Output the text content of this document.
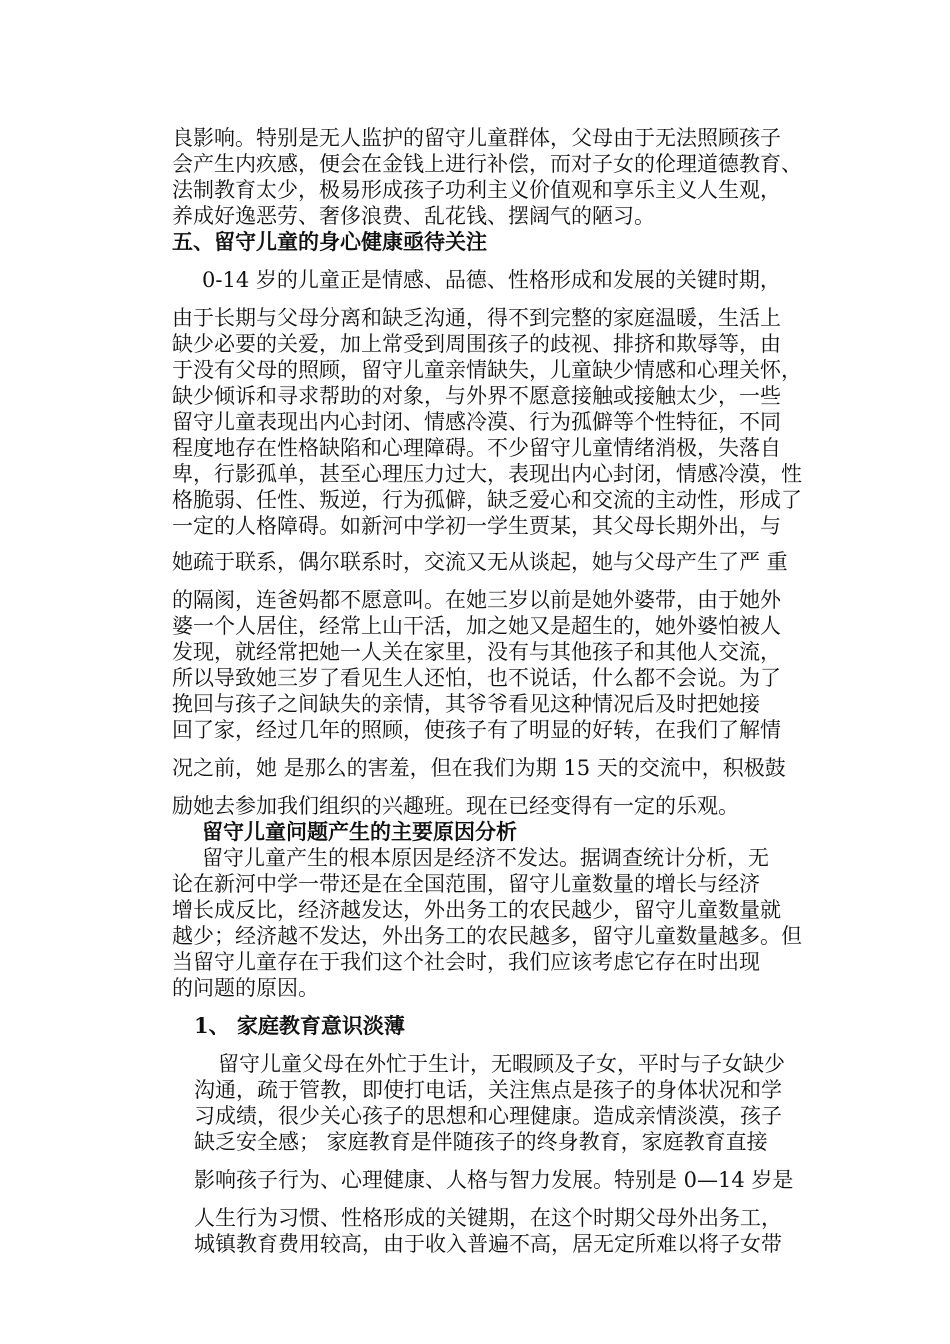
良影响。特别是无人监护的留守儿童群体，父母由于无法照顾孩子
会产生内疚感，便会在金钱上进行补偿，而对子女的伦理道德教育、
法制教育太少，极易形成孩子功利主义价值观和享乐主义人生观，
养成好逸恶劳、奢侈浪费、乱花钱、摆阔气的陋习。
五、留守儿童的身心健康亟待关注
0-14 岁的儿童正是情感、品德、性格形成和发展的关键时期，
由于长期与父母分离和缺乏沟通，得不到完整的家庭温暖，生活上
缺少必要的关爱，加上常受到周围孩子的歧视、排挤和欺辱等，由
于没有父母的照顾，留守儿童亲情缺失，儿童缺少情感和心理关怀，
缺少倾诉和寻求帮助的对象，与外界不愿意接触或接触太少，一些
留守儿童表现出内心封闭、情感冷漠、行为孤僻等个性特征，不同
程度地存在性格缺陷和心理障碍。不少留守儿童情绪消极，失落自
卑，行影孤单，甚至心理压力过大，表现出内心封闭，情感冷漠，性
格脆弱、任性、叛逆，行为孤僻，缺乏爱心和交流的主动性，形成了
一定的人格障碍。如新河中学初一学生贾某，其父母长期外出，与
她疏于联系，偶尔联系时，交流又无从谈起，她与父母产生了严 重
的隔阂，连爸妈都不愿意叫。在她三岁以前是她外婆带，由于她外
婆一个人居住，经常上山干活，加之她又是超生的，她外婆怕被人
发现，就经常把她一人关在家里，没有与其他孩子和其他人交流，
所以导致她三岁了看见生人还怕，也不说话，什么都不会说。为了
挽回与孩子之间缺失的亲情，其爷爷看见这种情况后及时把她接
回了家，经过几年的照顾，使孩子有了明显的好转，在我们了解情
况之前，她 是那么的害羞，但在我们为期 15 天的交流中，积极鼓
励她去参加我们组织的兴趣班。现在已经变得有一定的乐观。
留守儿童问题产生的主要原因分析
留守儿童产生的根本原因是经济不发达。据调查统计分析，无
论在新河中学一带还是在全国范围，留守儿童数量的增长与经济
增长成反比，经济越发达，外出务工的农民越少，留守儿童数量就
越少；经济越不发达，外出务工的农民越多，留守儿童数量越多。但
当留守儿童存在于我们这个社会时，我们应该考虑它存在时出现
的问题的原因。
1、 家庭教育意识淡薄
留守儿童父母在外忙于生计，无暇顾及子女，平时与子女缺少
沟通，疏于管教，即使打电话，关注焦点是孩子的身体状况和学
习成绩，很少关心孩子的思想和心理健康。造成亲情淡漠，孩子
缺乏安全感； 家庭教育是伴随孩子的终身教育，家庭教育直接
影响孩子行为、心理健康、人格与智力发展。特别是 0—14 岁是
人生行为习惯、性格形成的关键期，在这个时期父母外出务工，
城镇教育费用较高，由于收入普遍不高，居无定所难以将子女带
